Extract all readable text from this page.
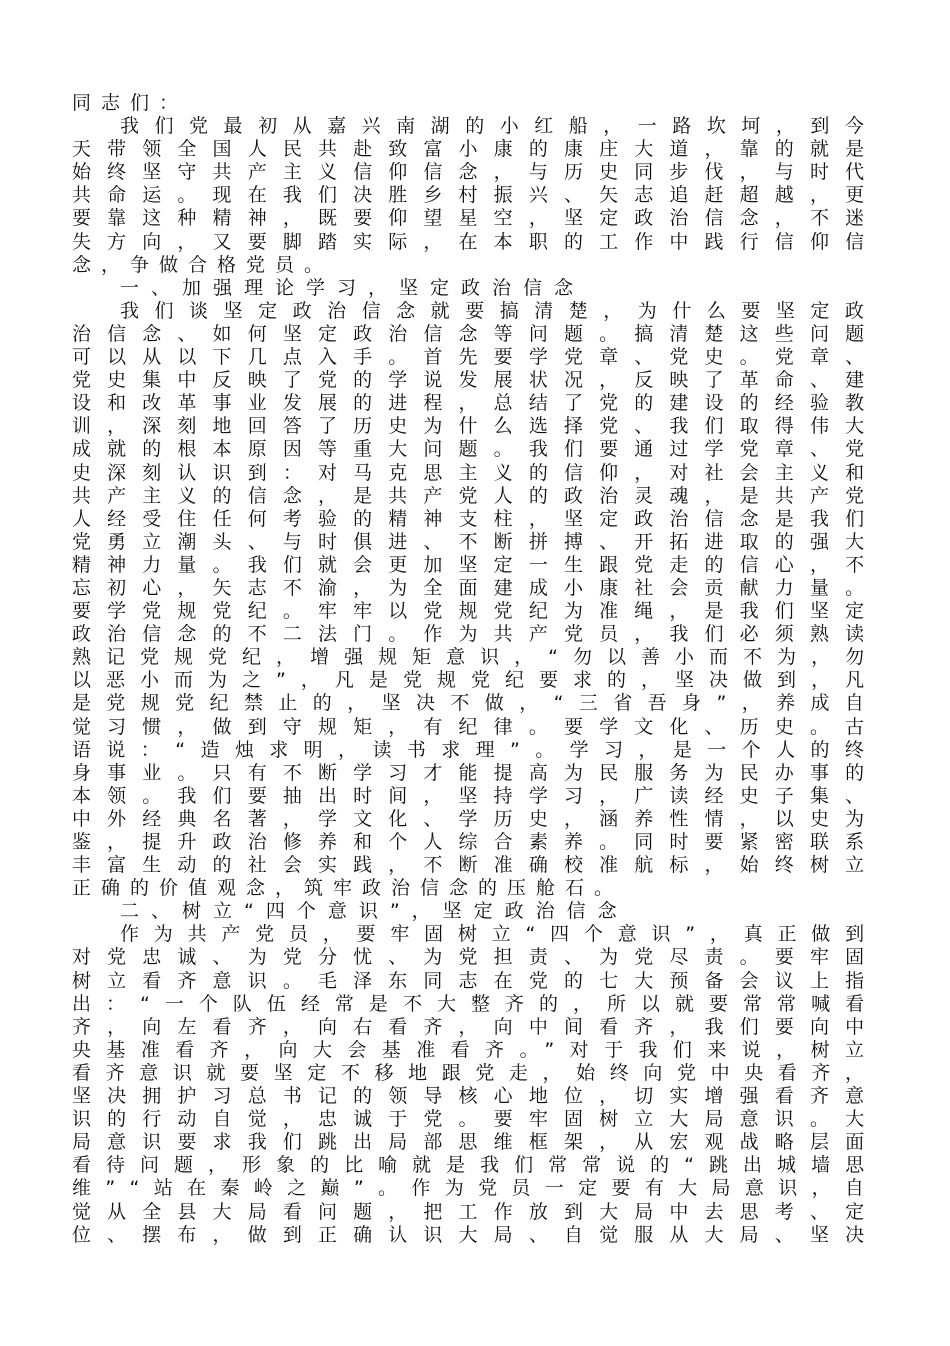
同志们：
我们党最初从嘉兴南湖的小红船，一路坎坷，到今
天带领全国人民共赴致富小康的康庄大道，靠的就是
始终坚守共产主义信仰信念，与历史同步伐，与时代
共命运。现在我们决胜乡村振兴、矢志追赶超越，更
要靠这种精神，既要仰望星空，坚定政治信念，不迷
失方向，又要脚踏实际，在本职的工作中践行信仰信
念，争做合格党员。
一、加强理论学习，坚定政治信念
我们谈坚定政治信念就要搞清楚，为什么要坚定政
治信念、如何坚定政治信念等问题。搞清楚这些问题
可以从以下几点入手。首先要学党章、党史。党章、
党史集中反映了党的学说发展状况，反映了革命、建
设和改革事业发展的进程，总结了党的建设的经验教
训，深刻地回答了历史为什么选择党、我们取得伟大
成就的根本原因等重大问题。我们要通过学党章、党
史深刻认识到：对马克思主义的信仰，对社会主义和
共产主义的信念，是共产党人的政治灵魂，是共产党
人经受住任何考验的精神支柱，坚定政治信念是我们
党勇立潮头、与时俱进、不断拼搏、开拓进取的强大
精神力量。我们就会更加坚定一生跟党走的信心，不
忘初心，矢志不渝，为全面建成小康社会贡献力量。
要学党规党纪。牢牢以党规党纪为准绳，是我们坚定
政治信念的不二法门。作为共产党员，我们必须熟读
熟记党规党纪，增强规矩意识，“勿以善小而不为，勿
以恶小而为之”，凡是党规党纪要求的，坚决做到，凡
是党规党纪禁止的，坚决不做，“三省吾身”，养成自
觉习惯，做到守规矩，有纪律。要学文化、历史。古
语说：“造烛求明，读书求理”。学习，是一个人的终
身事业。只有不断学习才能提高为民服务为民办事的
本领。我们要抽出时间，坚持学习，广读经史子集、
中外经典名著，学文化、学历史，涵养性情，以史为
鉴，提升政治修养和个人综合素养。同时要紧密联系
丰富生动的社会实践，不断准确校准航标，始终树立
正确的价值观念，筑牢政治信念的压舱石。
二、树立“四个意识”，坚定政治信念
作为共产党员，要牢固树立“四个意识”，真正做到
对党忠诚、为党分忧、为党担责、为党尽责。要牢固
树立看齐意识。毛泽东同志在党的七大预备会议上指
出：“一个队伍经常是不大整齐的，所以就要常常喊看
齐，向左看齐，向右看齐，向中间看齐，我们要向中
央基准看齐，向大会基准看齐。”对于我们来说，树立
看齐意识就要坚定不移地跟党走，始终向党中央看齐，
坚决拥护习总书记的领导核心地位，切实增强看齐意
识的行动自觉，忠诚于党。要牢固树立大局意识。大
局意识要求我们跳出局部思维框架，从宏观战略层面
看待问题，形象的比喻就是我们常常说的“跳出城墙思
维”“站在秦岭之巅”。作为党员一定要有大局意识，自
觉从全县大局看问题，把工作放到大局中去思考、定
位、摆布，做到正确认识大局、自觉服从大局、坚决
